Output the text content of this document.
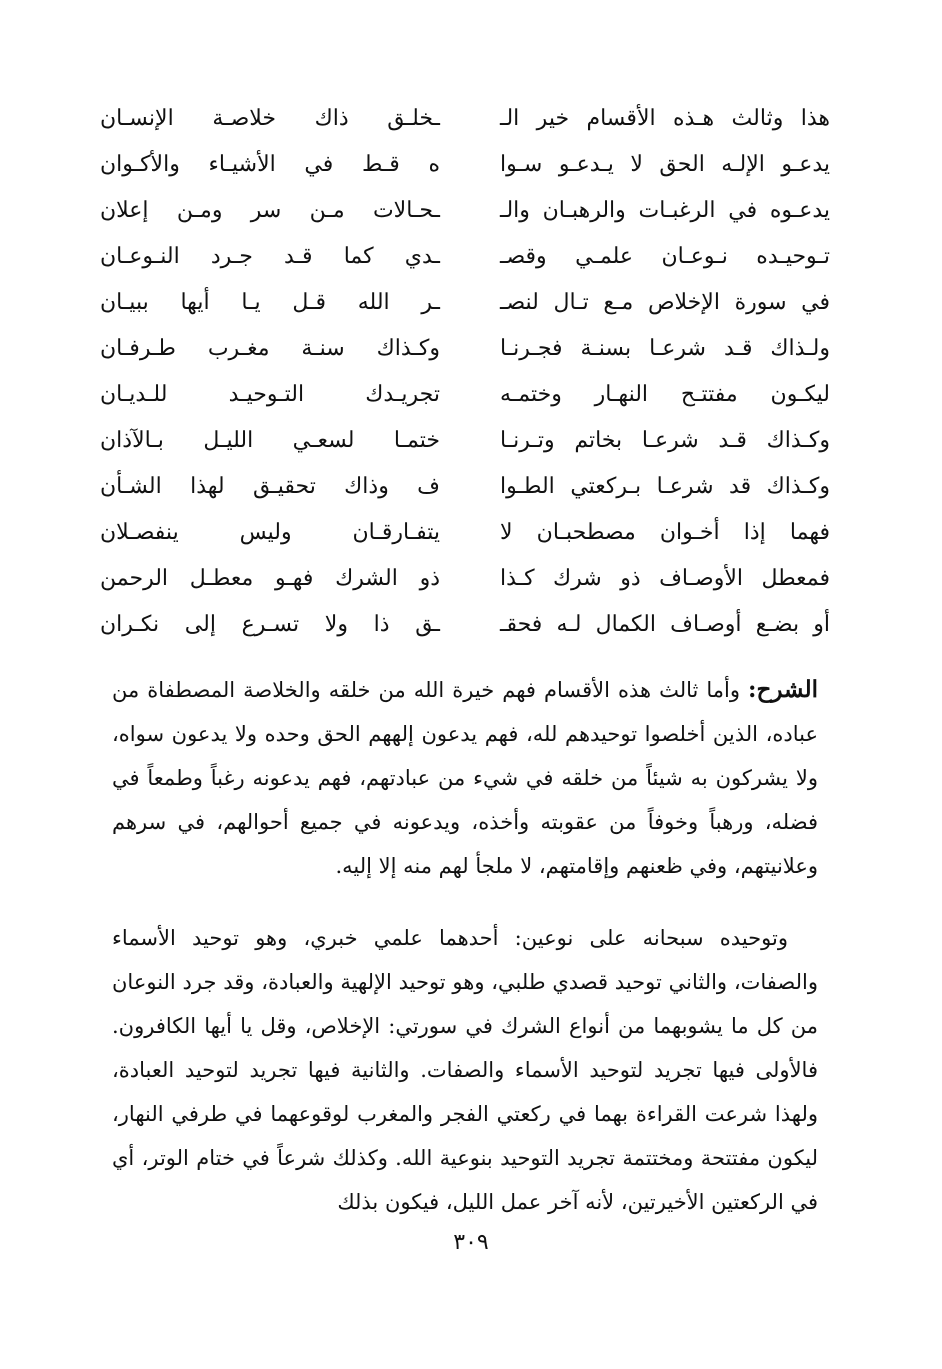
هذا وثالث هـذه الأقسام خير الـ
ـخلـق ذاك خلاصـة الإنسـان
يدعـو الإلـه الحق لا يـدعـو سـوا
ه قـط في الأشيـاء والأكـوان
يدعـوه في الرغبـات والرهبـان والـ
ـحـالات مـن سر ومـن إعلان
تـوحيـده نـوعـان علمـي وقصـ
ـدي كما قـد جـرد النـوعـان
في سورة الإخلاص مـع تـال لنصـ
ـر الله قـل يـا أيها ببيـان
ولـذاك قـد شرعـا بسنـة فجـرنـا
وكـذاك سنـة مغـرب طـرفـان
ليكـون مفتتـح النهـار وختمـه
تجريـدك التـوحيـد للـديـان
وكـذاك قـد شرعـا بخاتم وتـرنـا
ختمـا لسعـي الليـل بـالآذان
وكـذاك قد شرعـا بـركعتي الطـوا
ف وذاك تحقيـق لهذا الشـأن
فهما إذا أخـوان مصطحبـان لا
يتفـارقـان وليس ينفصـلان
فمعطل الأوصـاف ذو شرك كـذا
ذو الشرك فهـو معطـل الرحمن
أو بضـع أوصـاف الكمال لـه فحقـ
ـق ذا ولا تسـرع إلى نكـران
الشرح: وأما ثالث هذه الأقسام فهم خيرة الله من خلقه والخلاصة المصطفاة من عباده، الذين أخلصوا توحيدهم لله، فهم يدعون إلههم الحق وحده ولا يدعون سواه، ولا يشركون به شيئاً من خلقه في شيء من عبادتهم، فهم يدعونه رغباً وطمعاً في فضله، ورهباً وخوفاً من عقوبته وأخذه، ويدعونه في جميع أحوالهم، في سرهم وعلانيتهم، وفي ظعنهم وإقامتهم، لا ملجأ لهم منه إلا إليه.
وتوحيده سبحانه على نوعين: أحدهما علمي خبري، وهو توحيد الأسماء والصفات، والثاني توحيد قصدي طلبي، وهو توحيد الإلهية والعبادة، وقد جرد النوعان من كل ما يشوبهما من أنواع الشرك في سورتي: الإخلاص، وقل يا أيها الكافرون. فالأولى فيها تجريد لتوحيد الأسماء والصفات. والثانية فيها تجريد لتوحيد العبادة، ولهذا شرعت القراءة بهما في ركعتي الفجر والمغرب لوقوعهما في طرفي النهار، ليكون مفتتحة ومختتمة تجريد التوحيد بنوعية الله. وكذلك شرعاً في ختام الوتر، أي في الركعتين الأخيرتين، لأنه آخر عمل الليل، فيكون بذلك
٣٠٩
